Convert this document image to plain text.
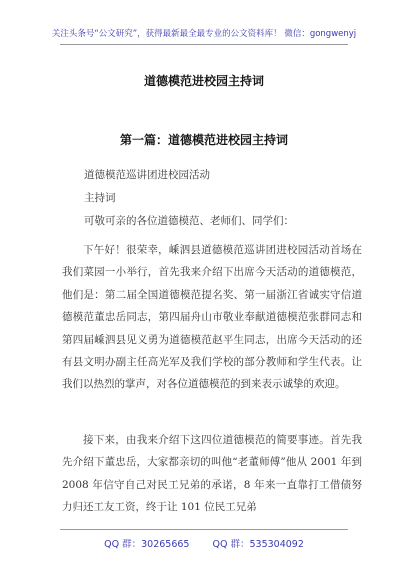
关注头条号“公文研究”，获得最新最全最专业的公文资料库！ 微信：gongwenyj
道德模范进校园主持词
第一篇：道德模范进校园主持词
道德模范巡讲团进校园活动
主持词
可敬可亲的各位道德模范、老师们、同学们：
下午好！很荣幸，嵊泗县道德模范巡讲团进校园活动首场在我们菜园一小举行，首先我来介绍下出席今天活动的道德模范，他们是：第二届全国道德模范提名奖、第一届浙江省诚实守信道德模范董忠岳同志，第四届舟山市敬业奉献道德模范张群同志和第四届嵊泗县见义勇为道德模范赵平生同志，出席今天活动的还有县文明办副主任高光军及我们学校的部分教师和学生代表。让我们以热烈的掌声，对各位道德模范的到来表示诚挚的欢迎。
接下来，由我来介绍下这四位道德模范的简要事迹。首先我先介绍下董忠岳，大家都亲切的叫他“老董师傅”他从 2001 年到 2008 年信守自己对民工兄弟的承诺，8 年来一直靠打工借债努力归还工友工资，终于让 101 位民工兄弟
QQ 群：30265665 QQ 群：535304092
